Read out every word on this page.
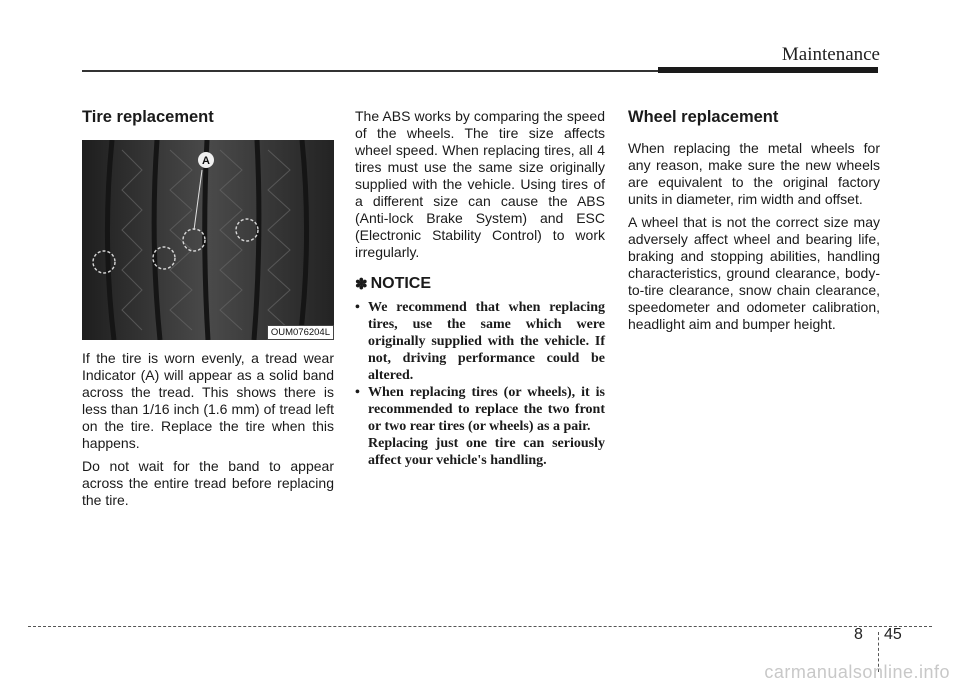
Maintenance
Tire replacement
A
OUM076204L

If the tire is worn evenly, a tread wear Indicator (A) will appear as a solid band across the tread. This shows there is less than 1/16 inch (1.6 mm) of tread left on the tire. Replace the tire when this happens.

Do not wait for the band to appear across the entire tread before replacing the tire.

The ABS works by comparing the speed of the wheels. The tire size affects wheel speed. When replacing tires, all 4 tires must use the same size originally supplied with the vehicle. Using tires of a different size can cause the ABS (Anti-lock Brake System) and ESC (Electronic Stability Control) to work irregularly.

✽ NOTICE
• We recommend that when replacing tires, use the same which were originally supplied with the vehicle. If not, driving performance could be altered.
• When replacing tires (or wheels), it is recommended to replace the two front or two rear tires (or wheels) as a pair.
Replacing just one tire can seriously affect your vehicle's handling.
Wheel replacement

When replacing the metal wheels for any reason, make sure the new wheels are equivalent to the original factory units in diameter, rim width and offset.

A wheel that is not the correct size may adversely affect wheel and bearing life, braking and stopping abilities, handling characteristics, ground clearance, body-to-tire clearance, snow chain clearance, speedometer and odometer calibration, headlight aim and bumper height.

8 45
carmanualsonline.info
